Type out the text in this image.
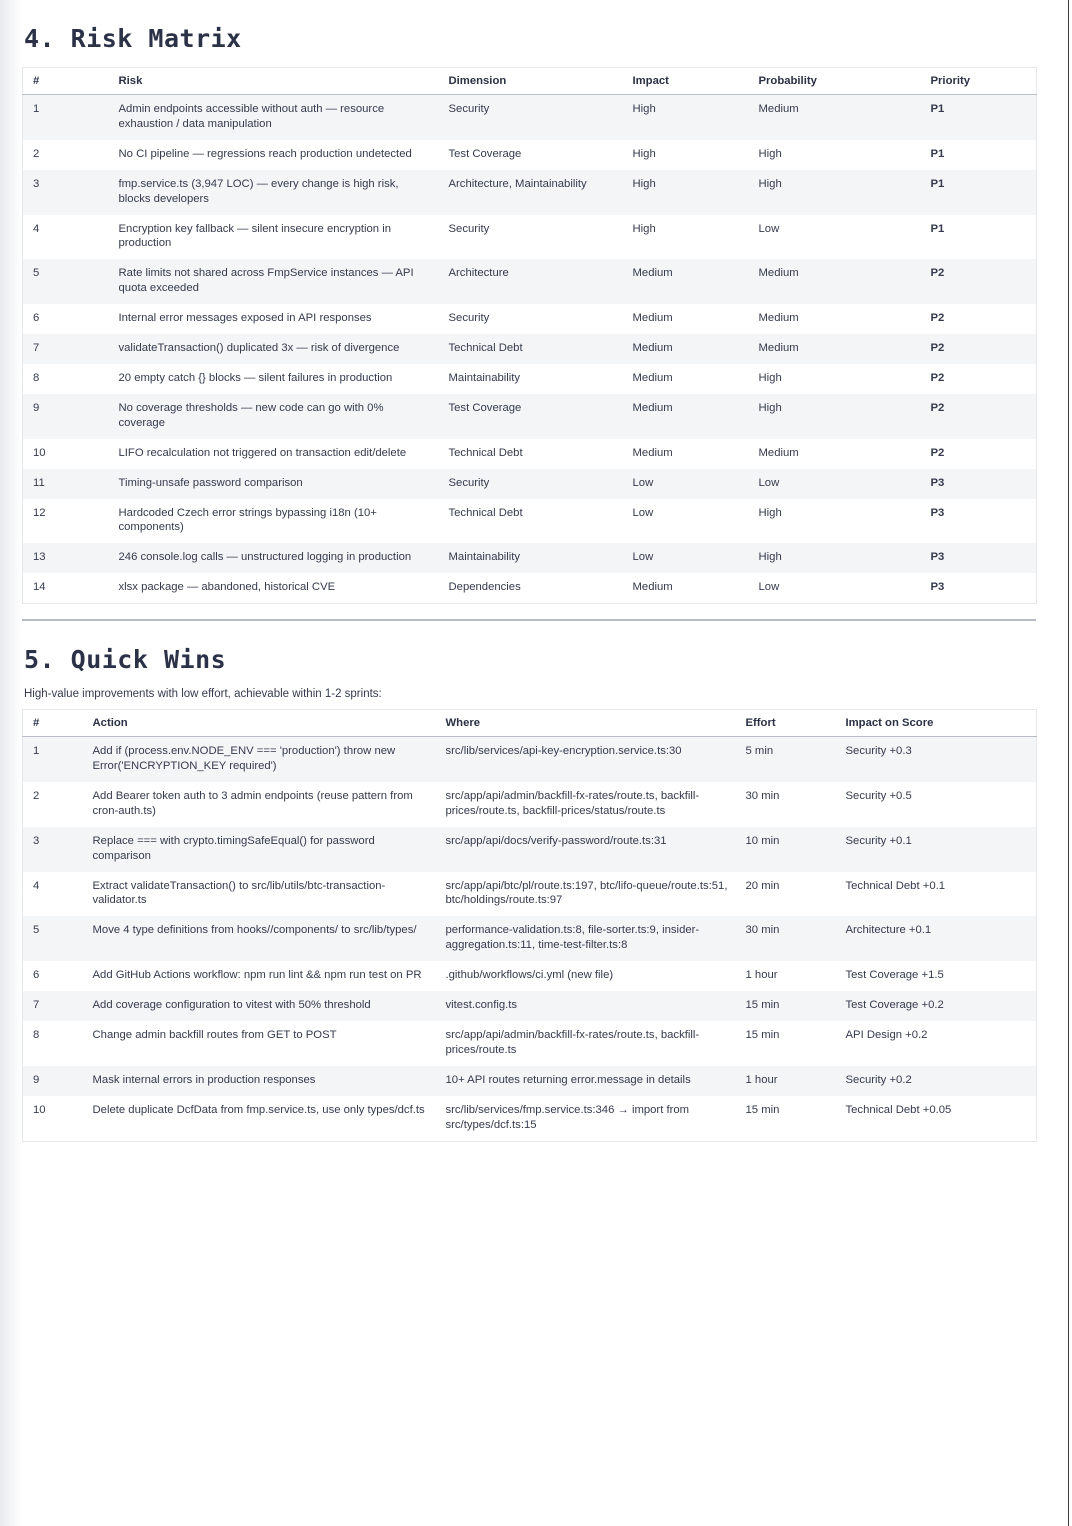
4. Risk Matrix
#	Risk	Dimension	Impact	Probability	Priority
1	Admin endpoints accessible without auth — resource exhaustion / data manipulation	Security	High	Medium	P1
2	No CI pipeline — regressions reach production undetected	Test Coverage	High	High	P1
3	fmp.service.ts (3,947 LOC) — every change is high risk, blocks developers	Architecture, Maintainability	High	High	P1
4	Encryption key fallback — silent insecure encryption in production	Security	High	Low	P1
5	Rate limits not shared across FmpService instances — API quota exceeded	Architecture	Medium	Medium	P2
6	Internal error messages exposed in API responses	Security	Medium	Medium	P2
7	validateTransaction() duplicated 3x — risk of divergence	Technical Debt	Medium	Medium	P2
8	20 empty catch {} blocks — silent failures in production	Maintainability	Medium	High	P2
9	No coverage thresholds — new code can go with 0% coverage	Test Coverage	Medium	High	P2
10	LIFO recalculation not triggered on transaction edit/delete	Technical Debt	Medium	Medium	P2
11	Timing-unsafe password comparison	Security	Low	Low	P3
12	Hardcoded Czech error strings bypassing i18n (10+ components)	Technical Debt	Low	High	P3
13	246 console.log calls — unstructured logging in production	Maintainability	Low	High	P3
14	xlsx package — abandoned, historical CVE	Dependencies	Medium	Low	P3
5. Quick Wins

High-value improvements with low effort, achievable within 1-2 sprints:

#	Action	Where	Effort	Impact on Score
1	Add if (process.env.NODE_ENV === 'production') throw new Error('ENCRYPTION_KEY required')	src/lib/services/api-key-encryption.service.ts:30	5 min	Security +0.3
2	Add Bearer token auth to 3 admin endpoints (reuse pattern from cron-auth.ts)	src/app/api/admin/backfill-fx-rates/route.ts, backfill-prices/route.ts, backfill-prices/status/route.ts	30 min	Security +0.5
3	Replace === with crypto.timingSafeEqual() for password comparison	src/app/api/docs/verify-password/route.ts:31	10 min	Security +0.1
4	Extract validateTransaction() to src/lib/utils/btc-transaction-validator.ts	src/app/api/btc/pl/route.ts:197, btc/lifo-queue/route.ts:51, btc/holdings/route.ts:97	20 min	Technical Debt +0.1
5	Move 4 type definitions from hooks//components/ to src/lib/types/	performance-validation.ts:8, file-sorter.ts:9, insider-aggregation.ts:11, time-test-filter.ts:8	30 min	Architecture +0.1
6	Add GitHub Actions workflow: npm run lint && npm run test on PR	.github/workflows/ci.yml (new file)	1 hour	Test Coverage +1.5
7	Add coverage configuration to vitest with 50% threshold	vitest.config.ts	15 min	Test Coverage +0.2
8	Change admin backfill routes from GET to POST	src/app/api/admin/backfill-fx-rates/route.ts, backfill-prices/route.ts	15 min	API Design +0.2
9	Mask internal errors in production responses	10+ API routes returning error.message in details	1 hour	Security +0.2
10	Delete duplicate DcfData from fmp.service.ts, use only types/dcf.ts	src/lib/services/fmp.service.ts:346 → import from src/types/dcf.ts:15	15 min	Technical Debt +0.05
